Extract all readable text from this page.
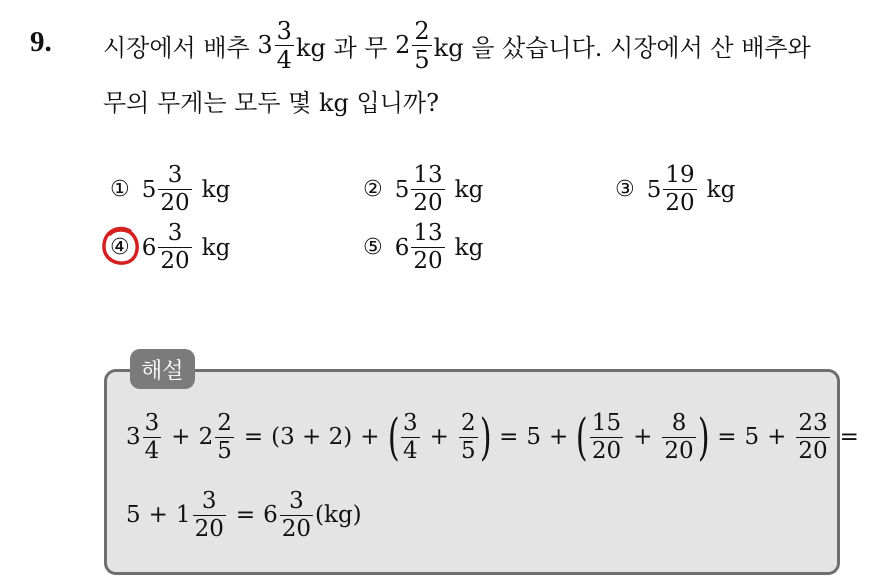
9. 시장에서 배추 $3 \frac{3}{4}$ kg 과 무 $2 \frac{2}{5}$ kg 을 샀습니다. 시장에서 산 배추와
무의 무게는 모두 몇 kg 입니까?
① $5 \frac{3}{20}$ kg	② $5 \frac{13}{20}$ kg	③ $5 \frac{19}{20}$ kg
④ $6 \frac{3}{20}$ kg	⑤ $6 \frac{13}{20}$ kg
해설
$3 \frac{3}{4} + 2 \frac{2}{5} = (3 + 2)$ + ( $\frac{3}{4} + \frac{2}{5}$ ) = 5 + ( $\frac{15}{20} + \frac{8}{20}$ ) = $5 + \frac{23}{20}$ =
$5 + 1 \frac{3}{20} = 6 \frac{3}{20} (kg)$
